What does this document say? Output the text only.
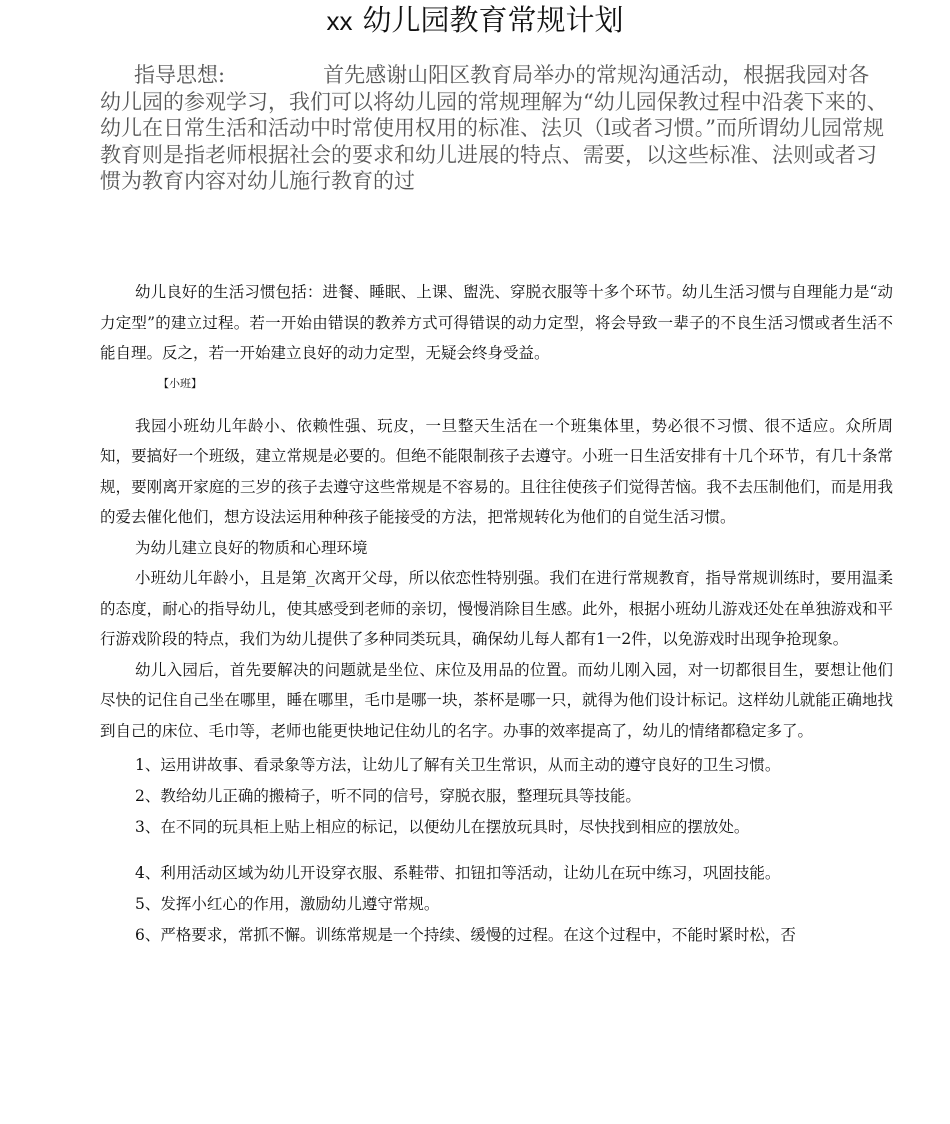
xx 幼儿园教育常规计划
指导思想:	首先感谢山阳区教育局举办的常规沟通活动，根据我园对各幼儿园的参观学习，我们可以将幼儿园的常规理解为“幼儿园保教过程中沿袭下来的、幼儿在日常生活和活动中时常使用权用的标准、法贝（l或者习惯。”而所谓幼儿园常规教育则是指老师根据社会的要求和幼儿进展的特点、需要，以这些标准、法则或者习惯为教育内容对幼儿施行教育的过

幼儿良好的生活习惯包括：进餐、睡眠、上课、盥洗、穿脱衣服等十多个环节。幼儿生活习惯与自理能力是“动力定型”的建立过程。若一开始由错误的教养方式可得错误的动力定型，将会导致一辈子的不良生活习惯或者生活不能自理。反之，若一开始建立良好的动力定型，无疑会终身受益。

【小班】

我园小班幼儿年龄小、依赖性强、玩皮，一旦整天生活在一个班集体里，势必很不习惯、很不适应。众所周知，要搞好一个班级，建立常规是必要的。但绝不能限制孩子去遵守。小班一日生活安排有十几个环节，有几十条常规，要刚离开家庭的三岁的孩子去遵守这些常规是不容易的。且往往使孩子们觉得苦恼。我不去压制他们，而是用我的爱去催化他们，想方设法运用种种孩子能接受的方法，把常规转化为他们的自觉生活习惯。

为幼儿建立良好的物质和心理环境

小班幼儿年龄小，且是第_次离开父母，所以依恋性特别强。我们在进行常规教育，指导常规训练时，要用温柔的态度，耐心的指导幼儿，使其感受到老师的亲切，慢慢消除目生感。此外，根据小班幼儿游戏还处在单独游戏和平行游戏阶段的特点，我们为幼儿提供了多种同类玩具，确保幼儿每人都有1一2件，以免游戏时出现争抢现象。

幼儿入园后，首先要解决的问题就是坐位、床位及用品的位置。而幼儿刚入园，对一切都很目生，要想让他们尽快的记住自己坐在哪里，睡在哪里，毛巾是哪一块，茶杯是哪一只，就得为他们设计标记。这样幼儿就能正确地找到自己的床位、毛巾等，老师也能更快地记住幼儿的名字。办事的效率提高了，幼儿的情绪都稳定多了。

1、运用讲故事、看录象等方法，让幼儿了解有关卫生常识，从而主动的遵守良好的卫生习惯。

2、教给幼儿正确的搬椅子，听不同的信号，穿脱衣服，整理玩具等技能。

3、在不同的玩具柜上贴上相应的标记，以便幼儿在摆放玩具时，尽快找到相应的摆放处。

4、利用活动区域为幼儿开设穿衣服、系鞋带、扣钮扣等活动，让幼儿在玩中练习，巩固技能。

5、发挥小红心的作用，激励幼儿遵守常规。

6、严格要求，常抓不懈。训练常规是一个持续、缓慢的过程。在这个过程中，不能时紧时松，否
